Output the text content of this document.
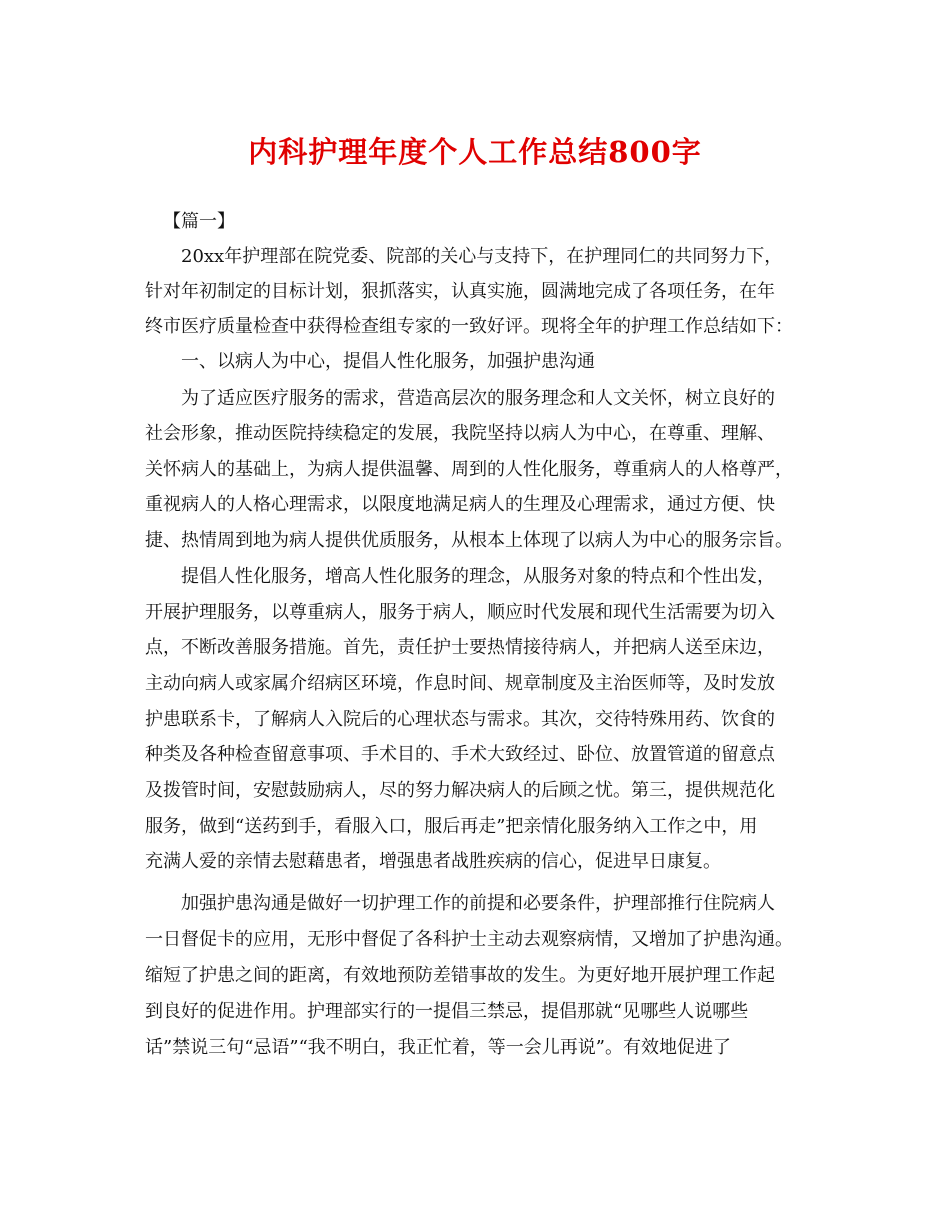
内科护理年度个人工作总结800字
【篇一】
20xx年护理部在院党委、院部的关心与支持下，在护理同仁的共同努力下，
针对年初制定的目标计划，狠抓落实，认真实施，圆满地完成了各项任务，在年
终市医疗质量检查中获得检查组专家的一致好评。现将全年的护理工作总结如下：
一、以病人为中心，提倡人性化服务，加强护患沟通
为了适应医疗服务的需求，营造高层次的服务理念和人文关怀，树立良好的
社会形象，推动医院持续稳定的发展，我院坚持以病人为中心，在尊重、理解、
关怀病人的基础上，为病人提供温馨、周到的人性化服务，尊重病人的人格尊严，
重视病人的人格心理需求，以限度地满足病人的生理及心理需求，通过方便、快
捷、热情周到地为病人提供优质服务，从根本上体现了以病人为中心的服务宗旨。
提倡人性化服务，增高人性化服务的理念，从服务对象的特点和个性出发，
开展护理服务，以尊重病人，服务于病人，顺应时代发展和现代生活需要为切入
点，不断改善服务措施。首先，责任护士要热情接待病人，并把病人送至床边，
主动向病人或家属介绍病区环境，作息时间、规章制度及主治医师等，及时发放
护患联系卡，了解病人入院后的心理状态与需求。其次，交待特殊用药、饮食的
种类及各种检查留意事项、手术目的、手术大致经过、卧位、放置管道的留意点
及拨管时间，安慰鼓励病人，尽的努力解决病人的后顾之忧。第三，提供规范化
服务，做到“送药到手，看服入口，服后再走”把亲情化服务纳入工作之中，用
充满人爱的亲情去慰藉患者，增强患者战胜疾病的信心，促进早日康复。
加强护患沟通是做好一切护理工作的前提和必要条件，护理部推行住院病人
一日督促卡的应用，无形中督促了各科护士主动去观察病情，又增加了护患沟通。
缩短了护患之间的距离，有效地预防差错事故的发生。为更好地开展护理工作起
到良好的促进作用。护理部实行的一提倡三禁忌，提倡那就“见哪些人说哪些
话”禁说三句“忌语”“我不明白，我正忙着，等一会儿再说”。有效地促进了
